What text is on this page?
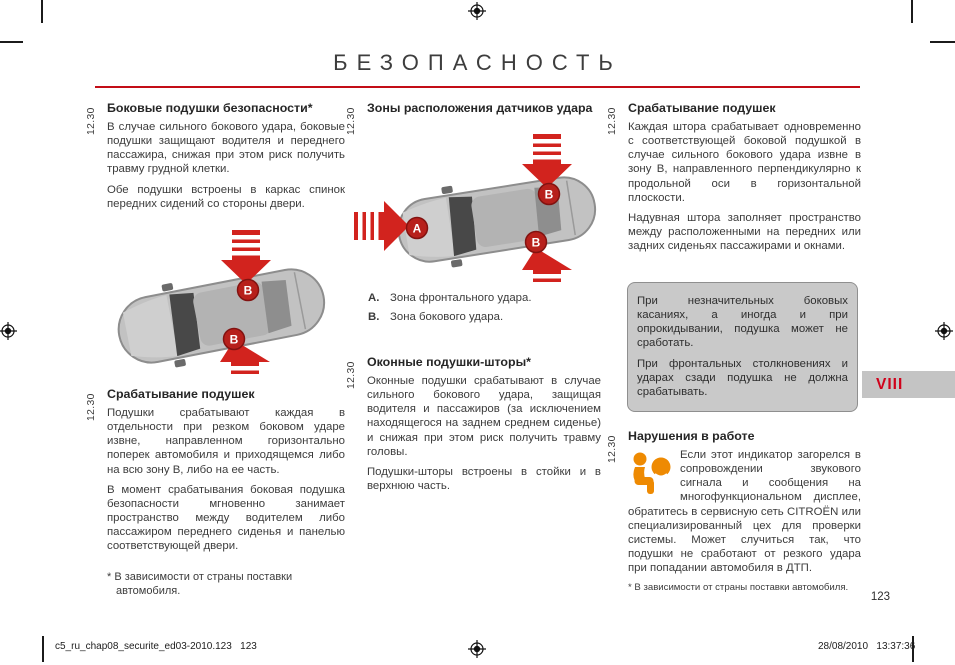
БЕЗОПАСНОСТЬ
12.30 Боковые подушки безопасности*

В случае сильного бокового удара, боковые подушки защищают водителя и переднего пассажира, снижая при этом риск получить травму грудной клетки.

Обе подушки встроены в каркас спинок передних сидений со стороны двери.

B
B
12.30 Срабатывание подушек

Подушки срабатывают каждая в отдельности при резком боковом ударе извне, направленном горизонтально поперек автомобиля и приходящемся либо на всю зону B, либо на ее часть.

В момент срабатывания боковая подушка безопасности мгновенно занимает пространство между водителем либо пассажиром переднего сиденья и панелью соответствующей двери.

* В зависимости от страны поставки автомобиля.
12.30 Зоны расположения датчиков удара
A
B
B
A. Зона фронтального удара.
B. Зона бокового удара.
12.30 Оконные подушки-шторы*

Оконные подушки срабатывают в случае сильного бокового удара, защищая водителя и пассажиров (за исключением находящегося на заднем среднем сиденье) и снижая при этом риск получить травму головы.

Подушки-шторы встроены в стойки и в верхнюю часть.

12.30 Срабатывание подушек

Каждая штора срабатывает одновременно с соответствующей боковой подушкой в случае сильного бокового удара извне в зону B, направленного перпендикулярно к продольной оси в горизонтальной плоскости.

Надувная штора заполняет пространство между расположенными на передних или задних сиденьях пассажирами и окнами.

При незначительных боковых касаниях, а иногда и при опрокидывании, подушка может не сработать.

При фронтальных столкновениях и ударах сзади подушка не должна срабатывать.	VIII
12.30 Нарушения в работе

Если этот индикатор загорелся в сопровождении звукового сигнала и сообщения на многофункциональном дисплее, обратитесь в сервисную сеть CITROËN или специализированный цех для проверки системы. Может случиться так, что подушки не сработают от резкого удара при попадании автомобиля в ДТП.

* В зависимости от страны поставки автомобиля.
123
c5_ru_chap08_securite_ed03-2010.123   123	28/08/2010   13:37:36
